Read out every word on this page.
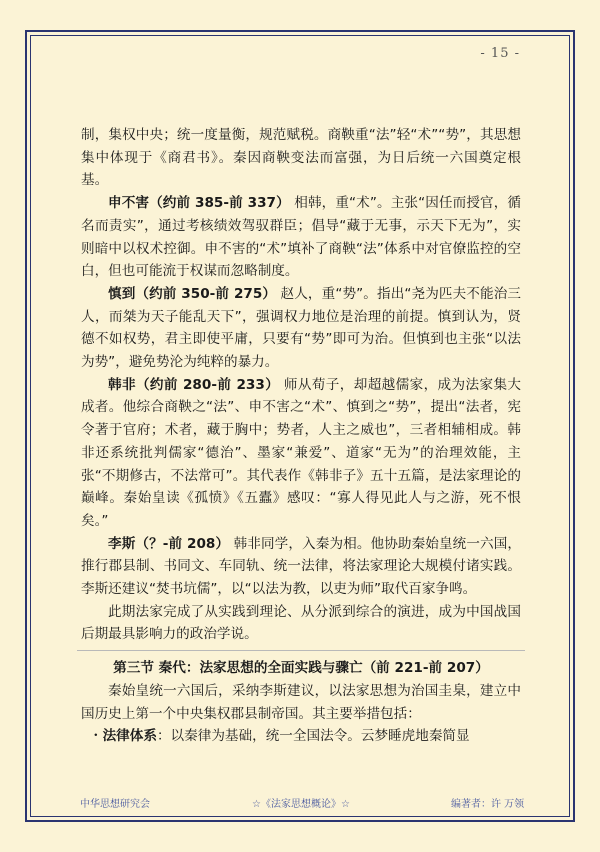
- 15 -

制，集权中央；统一度量衡，规范赋税。商鞅重“法”轻“术”“势”，其思想集中体现于《商君书》。秦因商鞅变法而富强，为日后统一六国奠定根基。

申不害（约前 385-前 337） 相韩，重“术”。主张“因任而授官，循名而责实”，通过考核绩效驾驭群臣；倡导“藏于无事，示天下无为”，实则暗中以权术控御。申不害的“术”填补了商鞅“法”体系中对官僚监控的空白，但也可能流于权谋而忽略制度。

慎到（约前 350-前 275） 赵人，重“势”。指出“尧为匹夫不能治三人，而桀为天子能乱天下”，强调权力地位是治理的前提。慎到认为，贤德不如权势，君主即使平庸，只要有“势”即可为治。但慎到也主张“以法为势”，避免势沦为纯粹的暴力。

韩非（约前 280-前 233） 师从荀子，却超越儒家，成为法家集大成者。他综合商鞅之“法”、申不害之“术”、慎到之“势”，提出“法者，宪令著于官府；术者，藏于胸中；势者，人主之威也”，三者相辅相成。韩非还系统批判儒家“德治”、墨家“兼爱”、道家“无为”的治理效能，主张“不期修古，不法常可”。其代表作《韩非子》五十五篇，是法家理论的巅峰。秦始皇读《孤愤》《五蠹》感叹：“寡人得见此人与之游，死不恨矣。”

李斯（？-前 208） 韩非同学，入秦为相。他协助秦始皇统一六国，推行郡县制、书同文、车同轨、统一法律，将法家理论大规模付诸实践。李斯还建议“焚书坑儒”，以“以法为教，以吏为师”取代百家争鸣。

此期法家完成了从实践到理论、从分派到综合的演进，成为中国战国后期最具影响力的政治学说。

第三节 秦代：法家思想的全面实践与骤亡（前 221-前 207）

秦始皇统一六国后，采纳李斯建议，以法家思想为治国圭臬，建立中国历史上第一个中央集权郡县制帝国。其主要举措包括：

・法律体系：以秦律为基础，统一全国法令。云梦睡虎地秦简显

中华思想研究会	☆《法家思想概论》☆	编著者：许 万领
